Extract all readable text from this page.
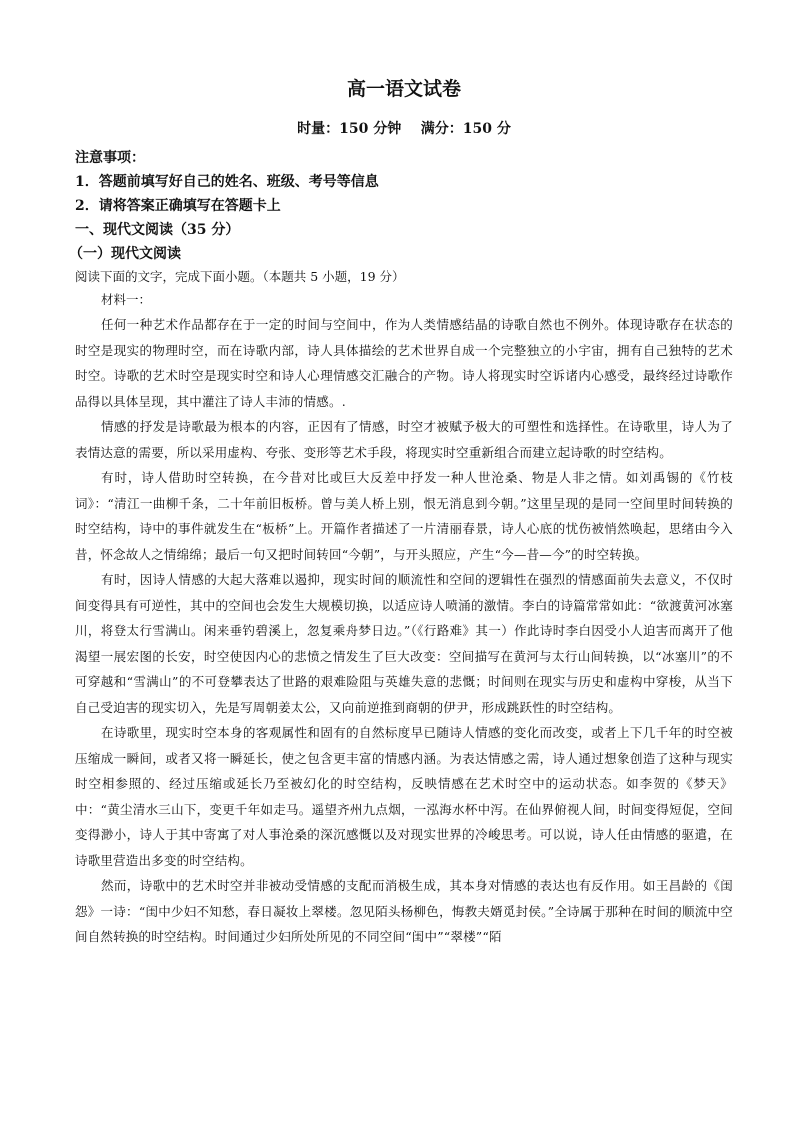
高一语文试卷
时量：150 分钟    满分：150 分
注意事项：
1．答题前填写好自己的姓名、班级、考号等信息
2．请将答案正确填写在答题卡上
一、现代文阅读（35 分）
（一）现代文阅读
阅读下面的文字，完成下面小题。（本题共 5 小题，19 分）
材料一：
任何一种艺术作品都存在于一定的时间与空间中，作为人类情感结晶的诗歌自然也不例外。体现诗歌存在状态的时空是现实的物理时空，而在诗歌内部，诗人具体描绘的艺术世界自成一个完整独立的小宇宙，拥有自己独特的艺术时空。诗歌的艺术时空是现实时空和诗人心理情感交汇融合的产物。诗人将现实时空诉诸内心感受，最终经过诗歌作品得以具体呈现，其中灌注了诗人丰沛的情感。.
情感的抒发是诗歌最为根本的内容，正因有了情感，时空才被赋予极大的可塑性和选择性。在诗歌里，诗人为了表情达意的需要，所以采用虚构、夸张、变形等艺术手段，将现实时空重新组合而建立起诗歌的时空结构。
有时，诗人借助时空转换，在今昔对比或巨大反差中抒发一种人世沧桑、物是人非之情。如刘禹锡的《竹枝词》：“清江一曲柳千条，二十年前旧板桥。曾与美人桥上别，恨无消息到今朝。”这里呈现的是同一空间里时间转换的时空结构，诗中的事件就发生在“板桥”上。开篇作者描述了一片清丽春景，诗人心底的忧伤被悄然唤起，思绪由今入昔，怀念故人之情绵绵；最后一句又把时间转回“今朝”，与开头照应，产生“今—昔—今”的时空转换。
有时，因诗人情感的大起大落难以遏抑，现实时间的顺流性和空间的逻辑性在强烈的情感面前失去意义，不仅时间变得具有可逆性，其中的空间也会发生大规模切换，以适应诗人喷涌的激情。李白的诗篇常常如此：“欲渡黄河冰塞川，将登太行雪满山。闲来垂钓碧溪上，忽复乘舟梦日边。”（《行路难》其一）作此诗时李白因受小人迫害而离开了他渴望一展宏图的长安，时空使因内心的悲愤之情发生了巨大改变：空间描写在黄河与太行山间转换，以“冰塞川”的不可穿越和“雪满山”的不可登攀表达了世路的艰难险阻与英雄失意的悲慨；时间则在现实与历史和虚构中穿梭，从当下自己受迫害的现实切入，先是写周朝姜太公，又向前逆推到商朝的伊尹，形成跳跃性的时空结构。
在诗歌里，现实时空本身的客观属性和固有的自然标度早已随诗人情感的变化而改变，或者上下几千年的时空被压缩成一瞬间，或者又将一瞬延长，使之包含更丰富的情感内涵。为表达情感之需，诗人通过想象创造了这种与现实时空相参照的、经过压缩或延长乃至被幻化的时空结构，反映情感在艺术时空中的运动状态。如李贺的《梦天》中：“黄尘清水三山下，变更千年如走马。遥望齐州九点烟，一泓海水杯中泻。在仙界俯视人间，时间变得短促，空间变得渺小，诗人于其中寄寓了对人事沧桑的深沉感慨以及对现实世界的冷峻思考。可以说，诗人任由情感的驱遣，在诗歌里营造出多变的时空结构。
然而，诗歌中的艺术时空并非被动受情感的支配而消极生成，其本身对情感的表达也有反作用。如王昌龄的《闺怨》一诗：“闺中少妇不知愁，春日凝妆上翠楼。忽见陌头杨柳色，悔教夫婿觅封侯。”全诗属于那种在时间的顺流中空间自然转换的时空结构。时间通过少妇所处所见的不同空间“闺中”“翠楼”“陌
